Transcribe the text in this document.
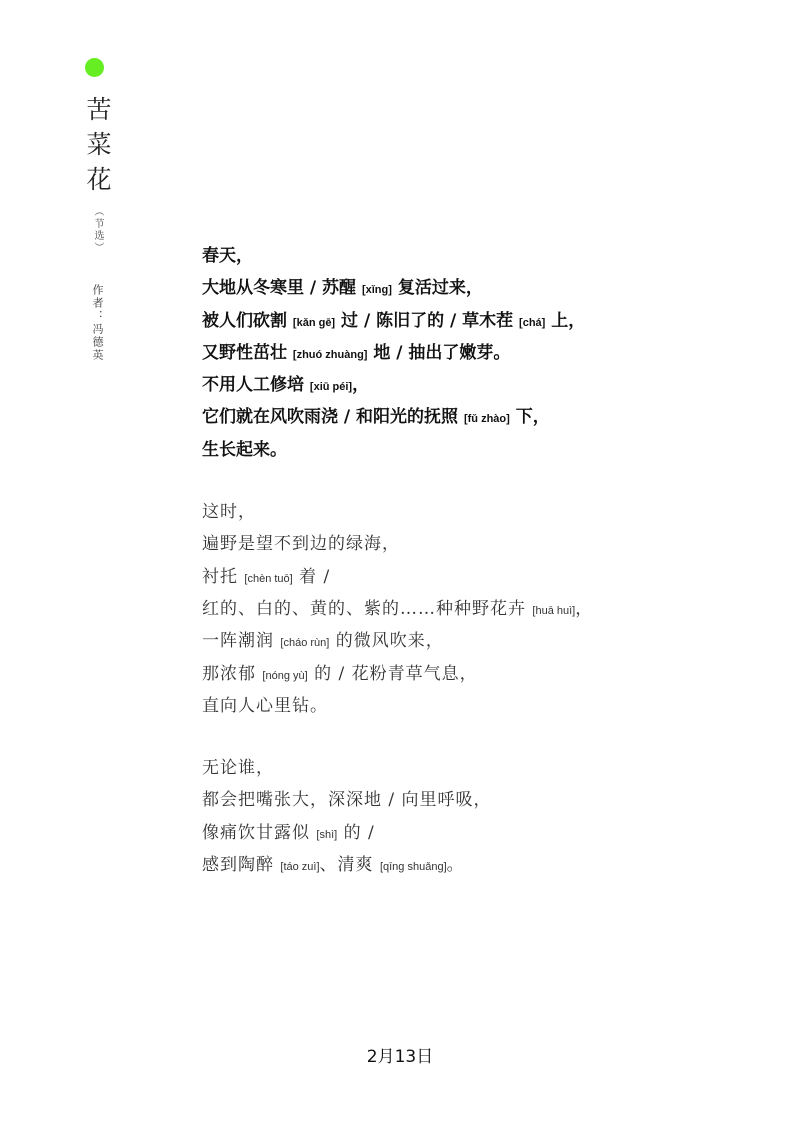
苦菜花
（节选）
作者：冯德英
春天，
大地从冬寒里 / 苏醒 [xǐng] 复活过来，
被人们砍割 [kǎn gē] 过 / 陈旧了的 / 草木茬 [chá] 上，
又野性茁壮 [zhuó zhuàng] 地 / 抽出了嫩芽。
不用人工修培 [xiū péi]，
它们就在风吹雨浇 / 和阳光的抚照 [fǔ zhào] 下，
生长起来。
这时，
遍野是望不到边的绿海，
衬托 [chèn tuō] 着 /
红的、白的、黄的、紫的……种种野花卉 [huā huì]，
一阵潮润 [cháo rùn] 的微风吹来，
那浓郁 [nóng yù] 的 / 花粉青草气息，
直向人心里钻。
无论谁，
都会把嘴张大，深深地 / 向里呼吸，
像痛饮甘露似 [shì] 的 /
感到陶醉 [táo zuì]、清爽 [qīng shuǎng]。
2月13日
